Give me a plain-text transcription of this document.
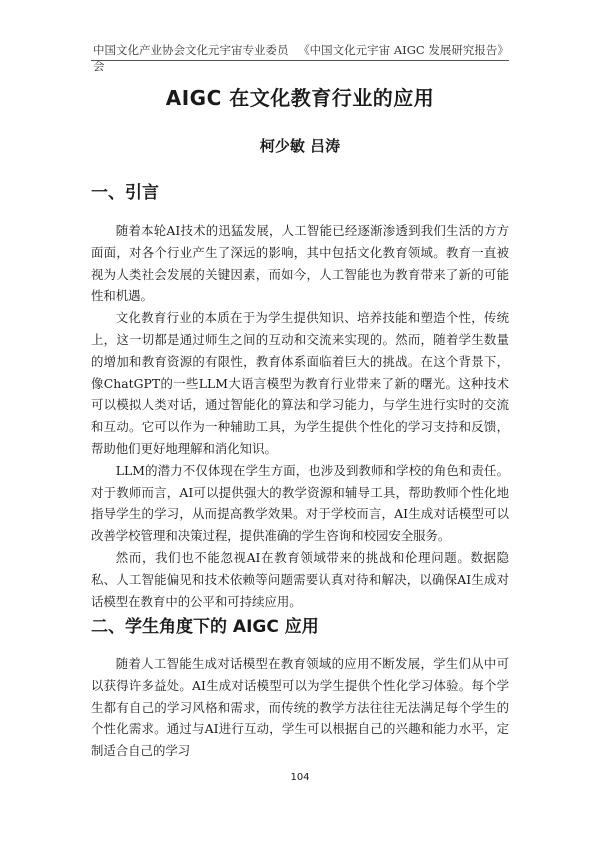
中国文化产业协会文化元宇宙专业委员会
《中国文化元宇宙 AIGC 发展研究报告》
AIGC 在文化教育行业的应用
柯少敏 吕涛
一、引言

随着本轮AI技术的迅猛发展，人工智能已经逐渐渗透到我们生活的方方面面，对各个行业产生了深远的影响，其中包括文化教育领域。教育一直被视为人类社会发展的关键因素，而如今，人工智能也为教育带来了新的可能性和机遇。

文化教育行业的本质在于为学生提供知识、培养技能和塑造个性，传统上，这一切都是通过师生之间的互动和交流来实现的。然而，随着学生数量的增加和教育资源的有限性，教育体系面临着巨大的挑战。在这个背景下，像ChatGPT的一些LLM大语言模型为教育行业带来了新的曙光。这种技术可以模拟人类对话，通过智能化的算法和学习能力，与学生进行实时的交流和互动。它可以作为一种辅助工具，为学生提供个性化的学习支持和反馈，帮助他们更好地理解和消化知识。

LLM的潜力不仅体现在学生方面，也涉及到教师和学校的角色和责任。对于教师而言，AI可以提供强大的教学资源和辅导工具，帮助教师个性化地指导学生的学习，从而提高教学效果。对于学校而言，AI生成对话模型可以改善学校管理和决策过程，提供准确的学生咨询和校园安全服务。

然而，我们也不能忽视AI在教育领域带来的挑战和伦理问题。数据隐私、人工智能偏见和技术依赖等问题需要认真对待和解决，以确保AI生成对话模型在教育中的公平和可持续应用。

二、学生角度下的 AIGC 应用

随着人工智能生成对话模型在教育领域的应用不断发展，学生们从中可以获得许多益处。AI生成对话模型可以为学生提供个性化学习体验。每个学生都有自己的学习风格和需求，而传统的教学方法往往无法满足每个学生的个性化需求。通过与AI进行互动，学生可以根据自己的兴趣和能力水平，定制适合自己的学习

104
